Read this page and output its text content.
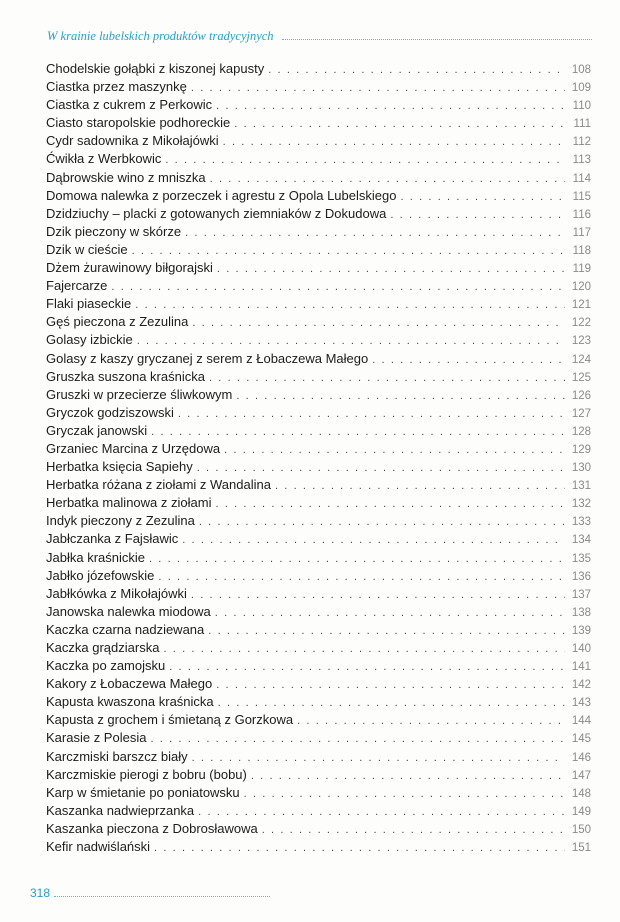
W krainie lubelskich produktów tradycyjnych
Chodelskie gołąbki z kiszonej kapusty . . .	108
Ciastka przez maszynkę . . .	109
Ciastka z cukrem z Perkowic . . .	110
Ciasto staropolskie podhoreckie . . .	111
Cydr sadownika z Mikołajówki . . .	112
Ćwikła z Werbkowic . . .	113
Dąbrowskie wino z mniszka . . .	114
Domowa nalewka z porzeczek i agrestu z Opola Lubelskiego . . .	115
Dzidziuchy – placki z gotowanych ziemniaków z Dokudowa . . .	116
Dzik pieczony w skórze . . .	117
Dzik w cieście . . .	118
Dżem żurawinowy biłgorajski . . .	119
Fajercarze . . .	120
Flaki piaseckie . . .	121
Gęś pieczona z Zezulina . . .	122
Golasy izbickie . . .	123
Golasy z kaszy gryczanej z serem z Łobaczewa Małego . . .	124
Gruszka suszona kraśnicka . . .	125
Gruszki w przecierze śliwkowym . . .	126
Gryczok godziszowski . . .	127
Gryczak janowski . . .	128
Grzaniec Marcina z Urzędowa . . .	129
Herbatka księcia Sapiehy . . .	130
Herbatka różana z ziołami z Wandalina . . .	131
Herbatka malinowa z ziołami . . .	132
Indyk pieczony z Zezulina . . .	133
Jabłczanka z Fajsławic . . .	134
Jabłka kraśnickie . . .	135
Jabłko józefowskie . . .	136
Jabłkówka z Mikołajówki . . .	137
Janowska nalewka miodowa . . .	138
Kaczka czarna nadziewana . . .	139
Kaczka grądziarska . . .	140
Kaczka po zamojsku . . .	141
Kakory z Łobaczewa Małego . . .	142
Kapusta kwaszona kraśnicka . . .	143
Kapusta z grochem i śmietaną z Gorzkowa . . .	144
Karasie z Polesia . . .	145
Karczmiski barszcz biały . . .	146
Karczmiskie pierogi z bobru (bobu) . . .	147
Karp w śmietanie po poniatowsku . . .	148
Kaszanka nadwieprzanka . . .	149
Kaszanka pieczona z Dobrosławowa . . .	150
Kefir nadwiślański . . .	151
318
